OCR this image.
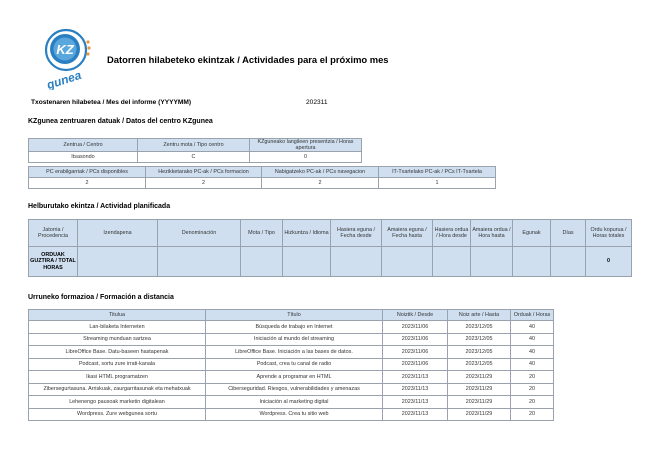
KZ
gunea
Datorren hilabeteko ekintzak / Actividades para el próximo mes
Txostenaren hilabetea / Mes del informe (YYYYMM)	202311
KZgunea zentruaren datuak / Datos del centro KZgunea
Zentrua / Centro	Zentru mota / Tipo centro	KZguneako langileen presentzia / Horas apertura
Itsasondo	C	0
PC erabilgarriak / PCs disponibles	Hezikketarako PC-ak / PCs formacion	Nabigatzeko PC-ak / PCs navegacion	IT-Txartelako PC-ak / PCs IT-Txartela
2	2	2	1
Helburutako ekintza / Actividad planificada
Jatorria / Procedencia	Izendapena	Denominación	Mota / Tipo	Hizkuntza / Idioma	Hasiera eguna / Fecha desde	Amaiera eguna / Fecha hasta	Hasiera ordua / Hora desde	Amaiera ordua / Hora hasta	Egunak	Días	Ordu kopurua / Horas totales
ORDUAK GUZTIRA / TOTAL HORAS											0
Urruneko formazioa / Formación a distancia
Titulua	Título	Noiztik / Desde	Noiz arte / Hasta	Orduak / Horas
Lan-bilaketa Interneten	Búsqueda de trabajo en Internet	2023/11/06	2023/12/05	40
Streaming munduan sartzea	Iniciación al mundo del streaming	2023/11/06	2023/12/05	40
LibreOffice Base. Datu-baseen hastapenak	LibreOffice Base. Iniciación a las bases de datos.	2023/11/06	2023/12/05	40
Podcast, sortu zure irrati-kanala	Podcast, crea tu canal de radio	2023/11/06	2023/12/05	40
Ikasi HTML programatzen	Aprende a programar en HTML	2023/11/13	2023/11/29	20
Zibersegurtasuna. Arriskuak, zaurgarritasunak eta mehatxuak	Ciberseguridad. Riesgos, vulnerabilidades y amenazas	2023/11/13	2023/11/29	20
Lehenengo pausoak marketin digitalean	Iniciación al marketing digital	2023/11/13	2023/11/29	20
Wordpress. Zure webgunea sortu	Wordpress. Crea tu sitio web	2023/11/13	2023/11/29	20
